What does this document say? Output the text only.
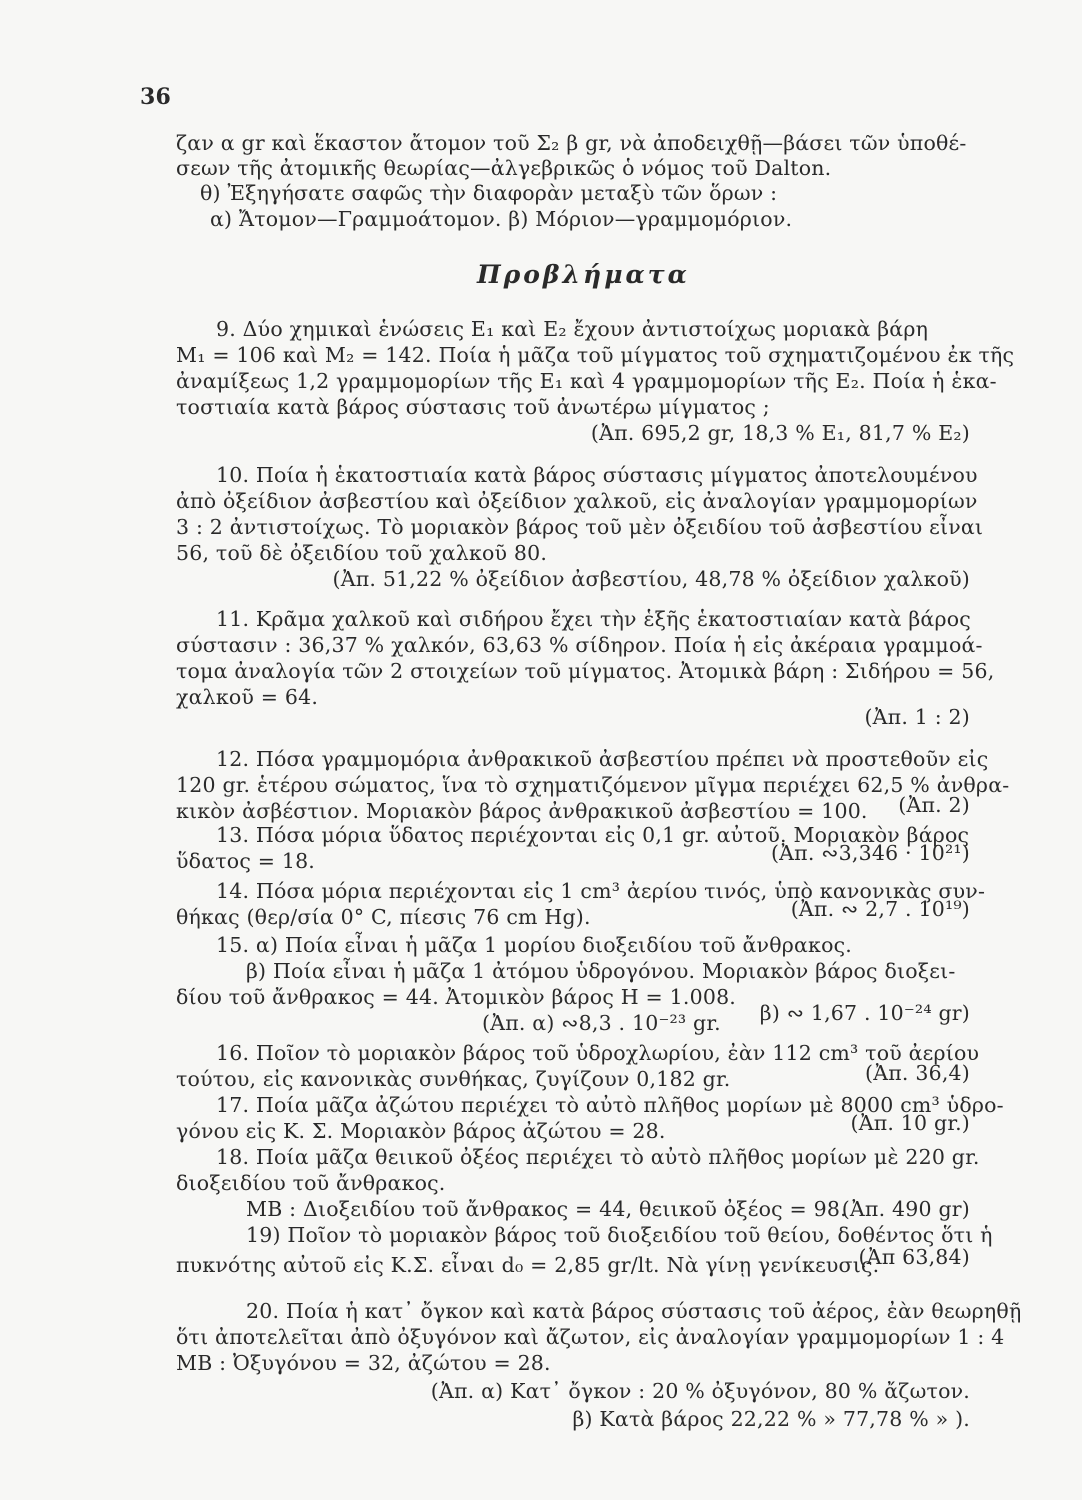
36
ζαν α gr καὶ ἕκαστον ἄτομον τοῦ Σ₂ β gr, νὰ ἀποδειχθῇ—βάσει τῶν ὑποθέ-
σεων τῆς ἀτομικῆς θεωρίας—ἀλγεβρικῶς ὁ νόμος τοῦ Dalton.
θ) Ἐξηγήσατε σαφῶς τὴν διαφορὰν μεταξὺ τῶν ὅρων :
α) Ἄτομον—Γραμμοάτομον. β) Μόριον—γραμμομόριον.
Προβλήματα
9. Δύο χημικαὶ ἑνώσεις Ε₁ καὶ Ε₂ ἔχουν ἀντιστοίχως μοριακὰ βάρη
M₁ = 106 καὶ M₂ = 142. Ποία ἡ μᾶζα τοῦ μίγματος τοῦ σχηματιζομένου ἐκ τῆς
ἀναμίξεως 1,2 γραμμομορίων τῆς Ε₁ καὶ 4 γραμμομορίων τῆς Ε₂. Ποία ἡ ἑκα-
τοστιαία κατὰ βάρος σύστασις τοῦ ἀνωτέρω μίγματος ;
(Ἀπ. 695,2 gr, 18,3 % Ε₁, 81,7 % Ε₂)
10. Ποία ἡ ἑκατοστιαία κατὰ βάρος σύστασις μίγματος ἀποτελουμένου
ἀπὸ ὀξείδιον ἀσβεστίου καὶ ὀξείδιον χαλκοῦ, εἰς ἀναλογίαν γραμμομορίων
3 : 2 ἀντιστοίχως. Τὸ μοριακὸν βάρος τοῦ μὲν ὀξειδίου τοῦ ἀσβεστίου εἶναι
56, τοῦ δὲ ὀξειδίου τοῦ χαλκοῦ 80.
(Ἀπ. 51,22 % ὀξείδιον ἀσβεστίου, 48,78 % ὀξείδιον χαλκοῦ)
11. Κρᾶμα χαλκοῦ καὶ σιδήρου ἔχει τὴν ἑξῆς ἑκατοστιαίαν κατὰ βάρος
σύστασιν : 36,37 % χαλκόν, 63,63 % σίδηρον. Ποία ἡ εἰς ἀκέραια γραμμοά-
τομα ἀναλογία τῶν 2 στοιχείων τοῦ μίγματος. Ἀτομικὰ βάρη : Σιδήρου = 56,
χαλκοῦ = 64.
(Ἀπ. 1 : 2)
12. Πόσα γραμμομόρια ἀνθρακικοῦ ἀσβεστίου πρέπει νὰ προστεθοῦν εἰς
120 gr. ἑτέρου σώματος, ἵνα τὸ σχηματιζόμενον μῖγμα περιέχει 62,5 % ἀνθρα-
κικὸν ἀσβέστιον. Μοριακὸν βάρος ἀνθρακικοῦ ἀσβεστίου = 100. (Ἀπ. 2)
13. Πόσα μόρια ὕδατος περιέχονται εἰς 0,1 gr. αὐτοῦ. Μοριακὸν βάρος
ὕδατος = 18.	(Ἀπ. ∾3,346 · 10²¹)
14. Πόσα μόρια περιέχονται εἰς 1 cm³ ἀερίου τινός, ὑπὸ κανονικὰς συν-
θήκας (θερ/σία 0° C, πίεσις 76 cm Hg).	(Ἀπ. ∾ 2,7 . 10¹⁹)
15. α) Ποία εἶναι ἡ μᾶζα 1 μορίου διοξειδίου τοῦ ἄνθρακος.
β) Ποία εἶναι ἡ μᾶζα 1 ἀτόμου ὑδρογόνου. Μοριακὸν βάρος διοξει-
δίου τοῦ ἄνθρακος = 44. Ἀτομικὸν βάρος H = 1.008.
(Ἀπ. α) ∾8,3 . 10⁻²³ gr. β) ∾ 1,67 . 10⁻²⁴ gr)
16. Ποῖον τὸ μοριακὸν βάρος τοῦ ὑδροχλωρίου, ἐὰν 112 cm³ τοῦ ἀερίου
τούτου, εἰς κανονικὰς συνθήκας, ζυγίζουν 0,182 gr.	(Ἀπ. 36,4)
17. Ποία μᾶζα ἀζώτου περιέχει τὸ αὐτὸ πλῆθος μορίων μὲ 8000 cm³ ὑδρο-
γόνου εἰς Κ. Σ. Μοριακὸν βάρος ἀζώτου = 28.	(Ἀπ. 10 gr.)
18. Ποία μᾶζα θειικοῦ ὀξέος περιέχει τὸ αὐτὸ πλῆθος μορίων μὲ 220 gr.
διοξειδίου τοῦ ἄνθρακος.
ΜΒ : Διοξειδίου τοῦ ἄνθρακος = 44, θειικοῦ ὀξέος = 98.
(Ἀπ. 490 gr)
19) Ποῖον τὸ μοριακὸν βάρος τοῦ διοξειδίου τοῦ θείου, δοθέντος ὅτι ἡ
πυκνότης αὐτοῦ εἰς Κ.Σ. εἶναι d₀ = 2,85 gr/lt. Νὰ γίνῃ γενίκευσις.
(Ἀπ 63,84)
20. Ποία ἡ κατ᾽ ὄγκον καὶ κατὰ βάρος σύστασις τοῦ ἀέρος, ἐὰν θεωρηθῇ
ὅτι ἀποτελεῖται ἀπὸ ὀξυγόνον καὶ ἄζωτον, εἰς ἀναλογίαν γραμμομορίων 1 : 4
ΜΒ : Ὀξυγόνου = 32, ἀζώτου = 28.
(Ἀπ. α) Κατ᾽ ὄγκον : 20 % ὀξυγόνον, 80 % ἄζωτον.
β) Κατὰ βάρος 22,22 % » 77,78 % » ).
